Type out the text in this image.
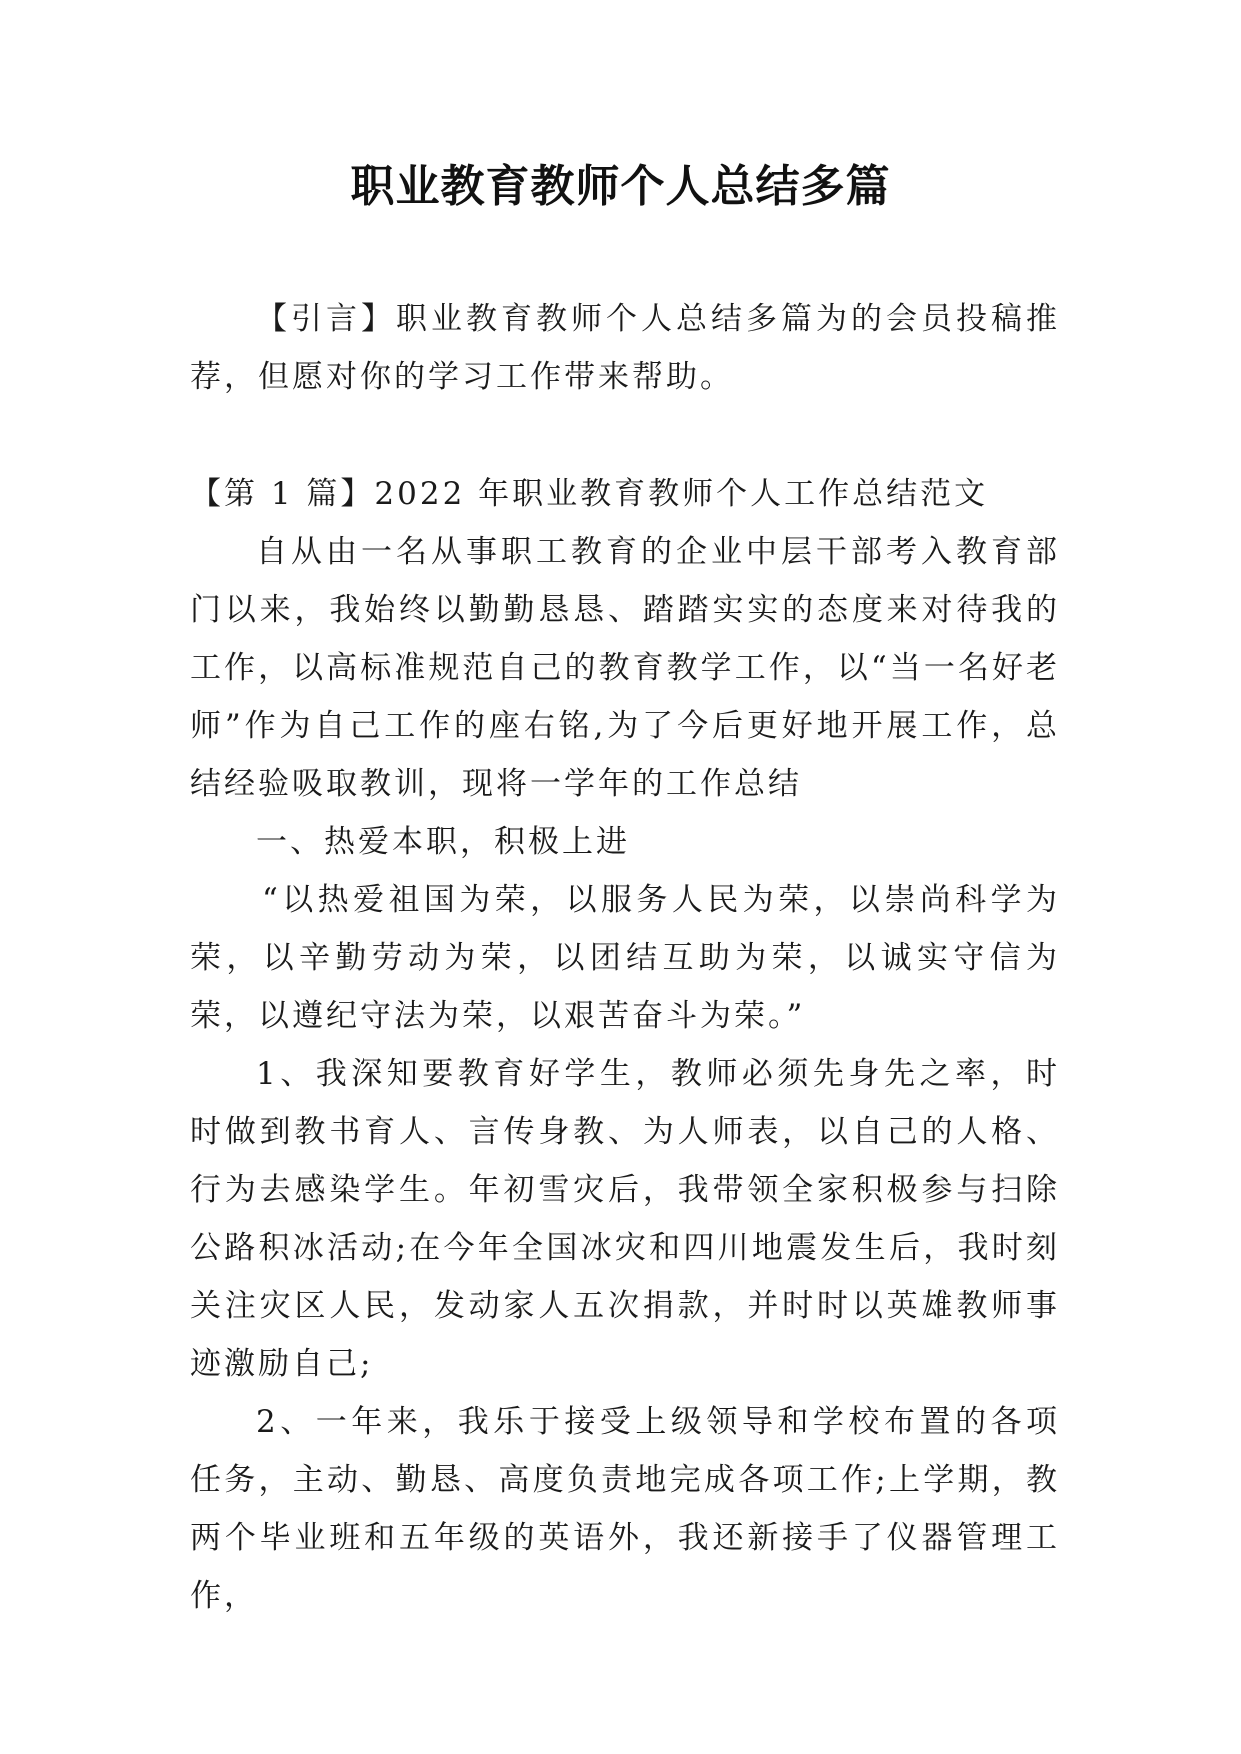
职业教育教师个人总结多篇

【引言】职业教育教师个人总结多篇为的会员投稿推荐，但愿对你的学习工作带来帮助。

【第 1 篇】2022 年职业教育教师个人工作总结范文

自从由一名从事职工教育的企业中层干部考入教育部门以来，我始终以勤勤恳恳、踏踏实实的态度来对待我的工作，以高标准规范自己的教育教学工作，以“当一名好老师”作为自己工作的座右铭,为了今后更好地开展工作，总结经验吸取教训，现将一学年的工作总结

一、热爱本职，积极上进

“以热爱祖国为荣，以服务人民为荣，以崇尚科学为荣，以辛勤劳动为荣，以团结互助为荣，以诚实守信为荣，以遵纪守法为荣，以艰苦奋斗为荣。”

1、我深知要教育好学生，教师必须先身先之率，时时做到教书育人、言传身教、为人师表，以自己的人格、行为去感染学生。年初雪灾后，我带领全家积极参与扫除公路积冰活动;在今年全国冰灾和四川地震发生后，我时刻关注灾区人民，发动家人五次捐款，并时时以英雄教师事迹激励自己;

2、一年来，我乐于接受上级领导和学校布置的各项任务，主动、勤恳、高度负责地完成各项工作;上学期，教两个毕业班和五年级的英语外，我还新接手了仪器管理工作，
